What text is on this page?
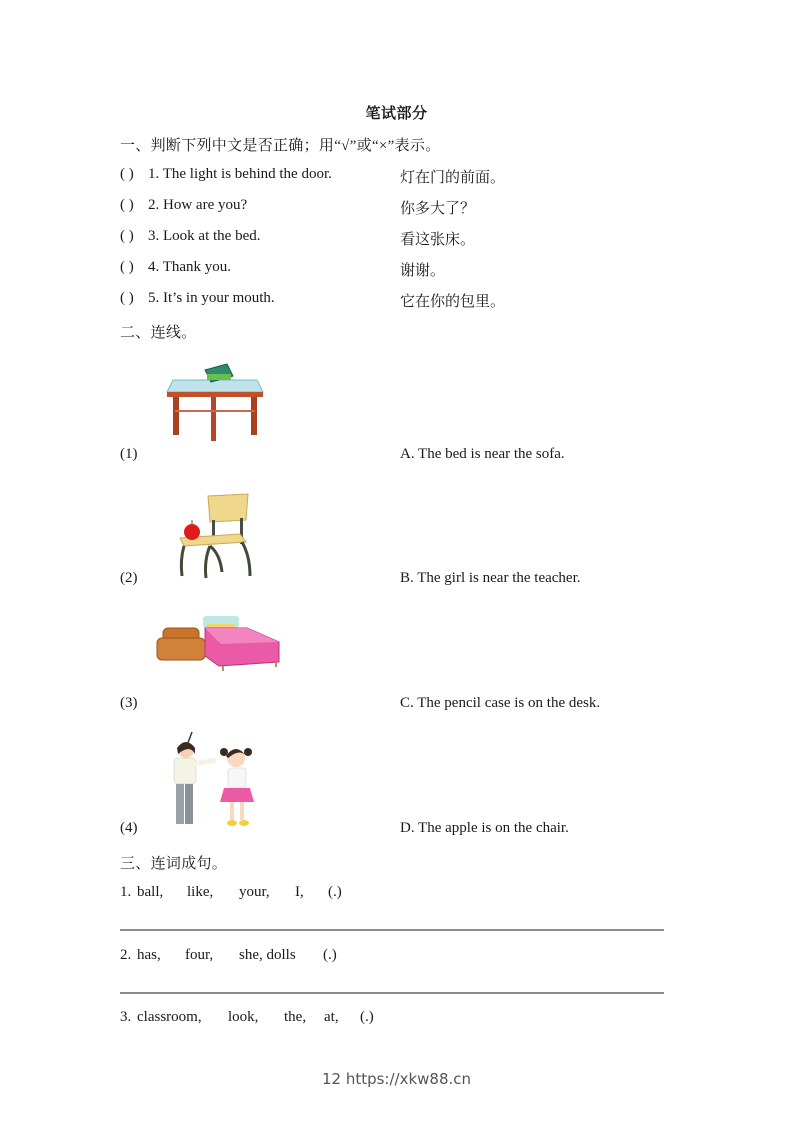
笔试部分
一、判断下列中文是否正确；用“√”或“×”表示。
( ) 1. The light is behind the door.	灯在门的前面。
( ) 2. How are you?	你多大了？
( ) 3. Look at the bed.	看这张床。
( ) 4. Thank you.	谢谢。
( ) 5. It’s in your mouth.	它在你的包里。
二、连线。
(1)	A. The bed is near the sofa.
(2)	B. The girl is near the teacher.
(3)	C. The pencil case is on the desk.
(4)	D. The apple is on the chair.
三、连词成句。
1. ball, like, your, I, (.)
2. has, four, she, dolls (.)
3. classroom, look, the, at, (.)
12 https://xkw88.cn
